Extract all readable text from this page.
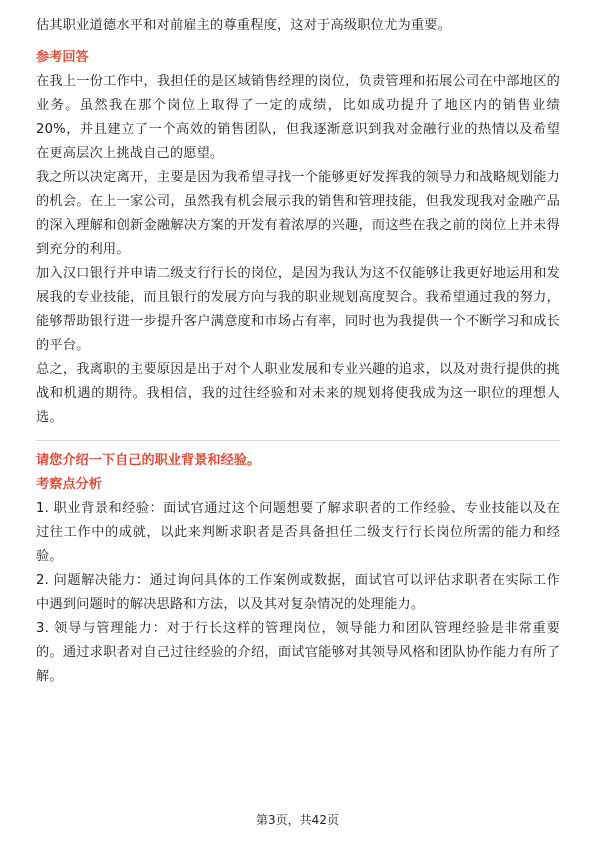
估其职业道德水平和对前雇主的尊重程度，这对于高级职位尤为重要。

参考回答

在我上一份工作中，我担任的是区域销售经理的岗位，负责管理和拓展公司在中部地区的业务。虽然我在那个岗位上取得了一定的成绩，比如成功提升了地区内的销售业绩20%，并且建立了一个高效的销售团队，但我逐渐意识到我对金融行业的热情以及希望在更高层次上挑战自己的愿望。

我之所以决定离开，主要是因为我希望寻找一个能够更好发挥我的领导力和战略规划能力的机会。在上一家公司，虽然我有机会展示我的销售和管理技能，但我发现我对金融产品的深入理解和创新金融解决方案的开发有着浓厚的兴趣，而这些在我之前的岗位上并未得到充分的利用。

加入汉口银行并申请二级支行行长的岗位，是因为我认为这不仅能够让我更好地运用和发展我的专业技能，而且银行的发展方向与我的职业规划高度契合。我希望通过我的努力，能够帮助银行进一步提升客户满意度和市场占有率，同时也为我提供一个不断学习和成长的平台。

总之，我离职的主要原因是出于对个人职业发展和专业兴趣的追求，以及对贵行提供的挑战和机遇的期待。我相信，我的过往经验和对未来的规划将使我成为这一职位的理想人选。

请您介绍一下自己的职业背景和经验。

考察点分析

1. 职业背景和经验：面试官通过这个问题想要了解求职者的工作经验、专业技能以及在过往工作中的成就，以此来判断求职者是否具备担任二级支行行长岗位所需的能力和经验。

2. 问题解决能力：通过询问具体的工作案例或数据，面试官可以评估求职者在实际工作中遇到问题时的解决思路和方法，以及其对复杂情况的处理能力。

3. 领导与管理能力：对于行长这样的管理岗位，领导能力和团队管理经验是非常重要的。通过求职者对自己过往经验的介绍，面试官能够对其领导风格和团队协作能力有所了解。

第3页，共42页
